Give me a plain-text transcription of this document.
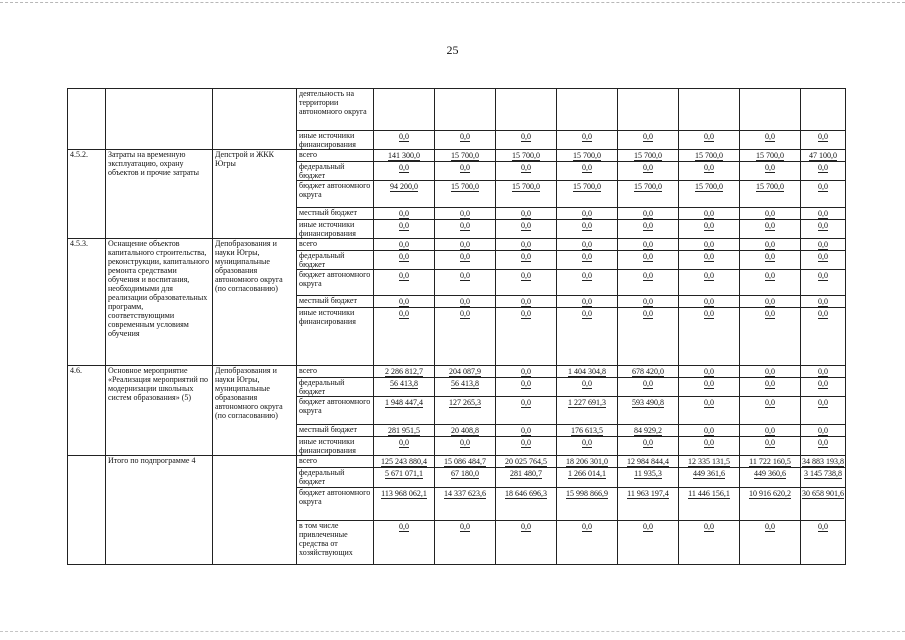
25
			деятельность на территории автономного округа								
			иные источники финансирования	0,0	0,0	0,0	0,0	0,0	0,0	0,0	0,0
4.5.2.	Затраты на временную эксплуатацию, охрану объектов и прочие затраты	Депстрой и ЖКК Югры	всего	141 300,0	15 700,0	15 700,0	15 700,0	15 700,0	15 700,0	15 700,0	47 100,0
			федеральный бюджет	0,0	0,0	0,0	0,0	0,0	0,0	0,0	0,0
			бюджет автономного округа	94 200,0	15 700,0	15 700,0	15 700,0	15 700,0	15 700,0	15 700,0	0,0
			местный бюджет	0,0	0,0	0,0	0,0	0,0	0,0	0,0	0,0
			иные источники финансирования	0,0	0,0	0,0	0,0	0,0	0,0	0,0	0,0
4.5.3.	Оснащение объектов капитального строительства, реконструкции, капитального ремонта средствами обучения и воспитания, необходимыми для реализации образовательных программ, соответствующими современным условиям обучения	Депобразования и науки Югры, муниципальные образования автономного округа (по согласованию)	всего	0,0	0,0	0,0	0,0	0,0	0,0	0,0	0,0
			федеральный бюджет	0,0	0,0	0,0	0,0	0,0	0,0	0,0	0,0
			бюджет автономного округа	0,0	0,0	0,0	0,0	0,0	0,0	0,0	0,0
			местный бюджет	0,0	0,0	0,0	0,0	0,0	0,0	0,0	0,0
			иные источники финансирования	0,0	0,0	0,0	0,0	0,0	0,0	0,0	0,0
4.6.	Основное мероприятие «Реализация мероприятий по модернизации школьных систем образования» (5)	Депобразования и науки Югры, муниципальные образования автономного округа (по согласованию)	всего	2 286 812,7	204 087,9	0,0	1 404 304,8	678 420,0	0,0	0,0	0,0
			федеральный бюджет	56 413,8	56 413,8	0,0	0,0	0,0	0,0	0,0	0,0
			бюджет автономного округа	1 948 447,4	127 265,3	0,0	1 227 691,3	593 490,8	0,0	0,0	0,0
			местный бюджет	281 951,5	20 408,8	0,0	176 613,5	84 929,2	0,0	0,0	0,0
			иные источники финансирования	0,0	0,0	0,0	0,0	0,0	0,0	0,0	0,0
	Итого по подпрограмме 4		всего	125 243 880,4	15 086 484,7	20 025 764,5	18 206 301,0	12 984 844,4	12 335 131,5	11 722 160,5	34 883 193,8
			федеральный бюджет	5 671 071,1	67 180,0	281 480,7	1 266 014,1	11 935,3	449 361,6	449 360,6	3 145 738,8
			бюджет автономного округа	113 968 062,1	14 337 623,6	18 646 696,3	15 998 866,9	11 963 197,4	11 446 156,1	10 916 620,2	30 658 901,6
			в том числе привлеченные средства от хозяйствующих	0,0	0,0	0,0	0,0	0,0	0,0	0,0	0,0
